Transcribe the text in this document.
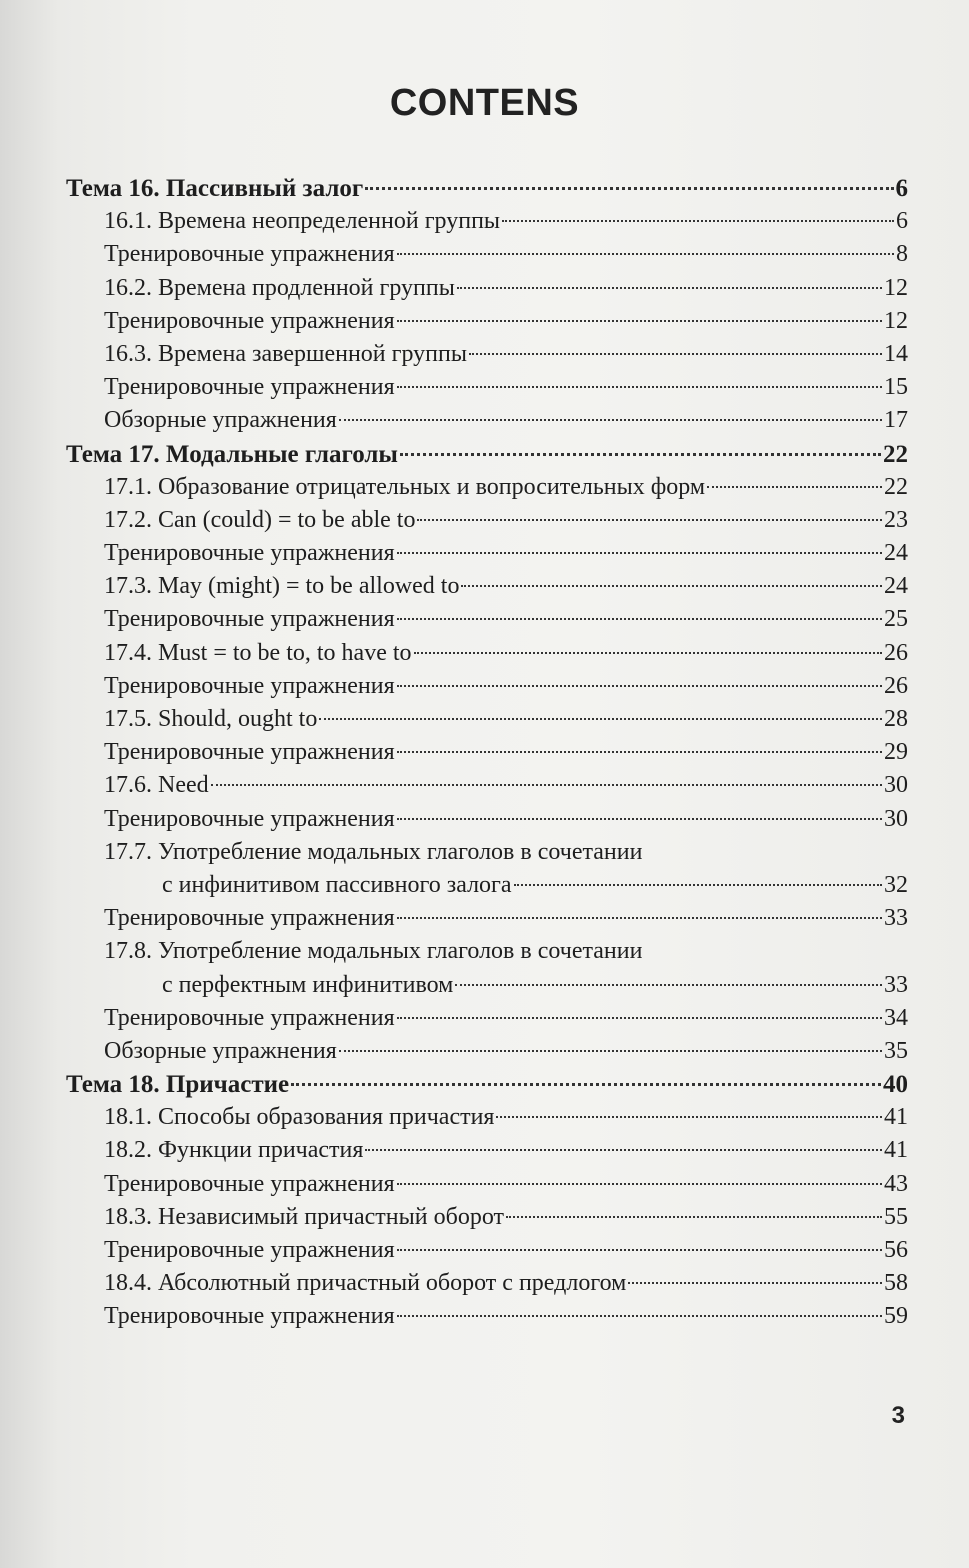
CONTENS
Тема 16. Пассивный залог	6
16.1. Времена неопределенной группы	6
Тренировочные упражнения	8
16.2. Времена продленной группы	12
Тренировочные упражнения	12
16.3. Времена завершенной группы	14
Тренировочные упражнения	15
Обзорные упражнения	17
Тема 17. Модальные глаголы	22
17.1. Образование отрицательных и вопросительных форм	22
17.2. Can (could) = to be able to	23
Тренировочные упражнения	24
17.3. May (might) = to be allowed to	24
Тренировочные упражнения	25
17.4. Must = to be to, to have to	26
Тренировочные упражнения	26
17.5. Should, ought to	28
Тренировочные упражнения	29
17.6. Need	30
Тренировочные упражнения	30
17.7. Употребление модальных глаголов в сочетании
с инфинитивом пассивного залога	32
Тренировочные упражнения	33
17.8. Употребление модальных глаголов в сочетании
с перфектным инфинитивом	33
Тренировочные упражнения	34
Обзорные упражнения	35
Тема 18. Причастие	40
18.1. Способы образования причастия	41
18.2. Функции причастия	41
Тренировочные упражнения	43
18.3. Независимый причастный оборот	55
Тренировочные упражнения	56
18.4. Абсолютный причастный оборот с предлогом	58
Тренировочные упражнения	59
3
